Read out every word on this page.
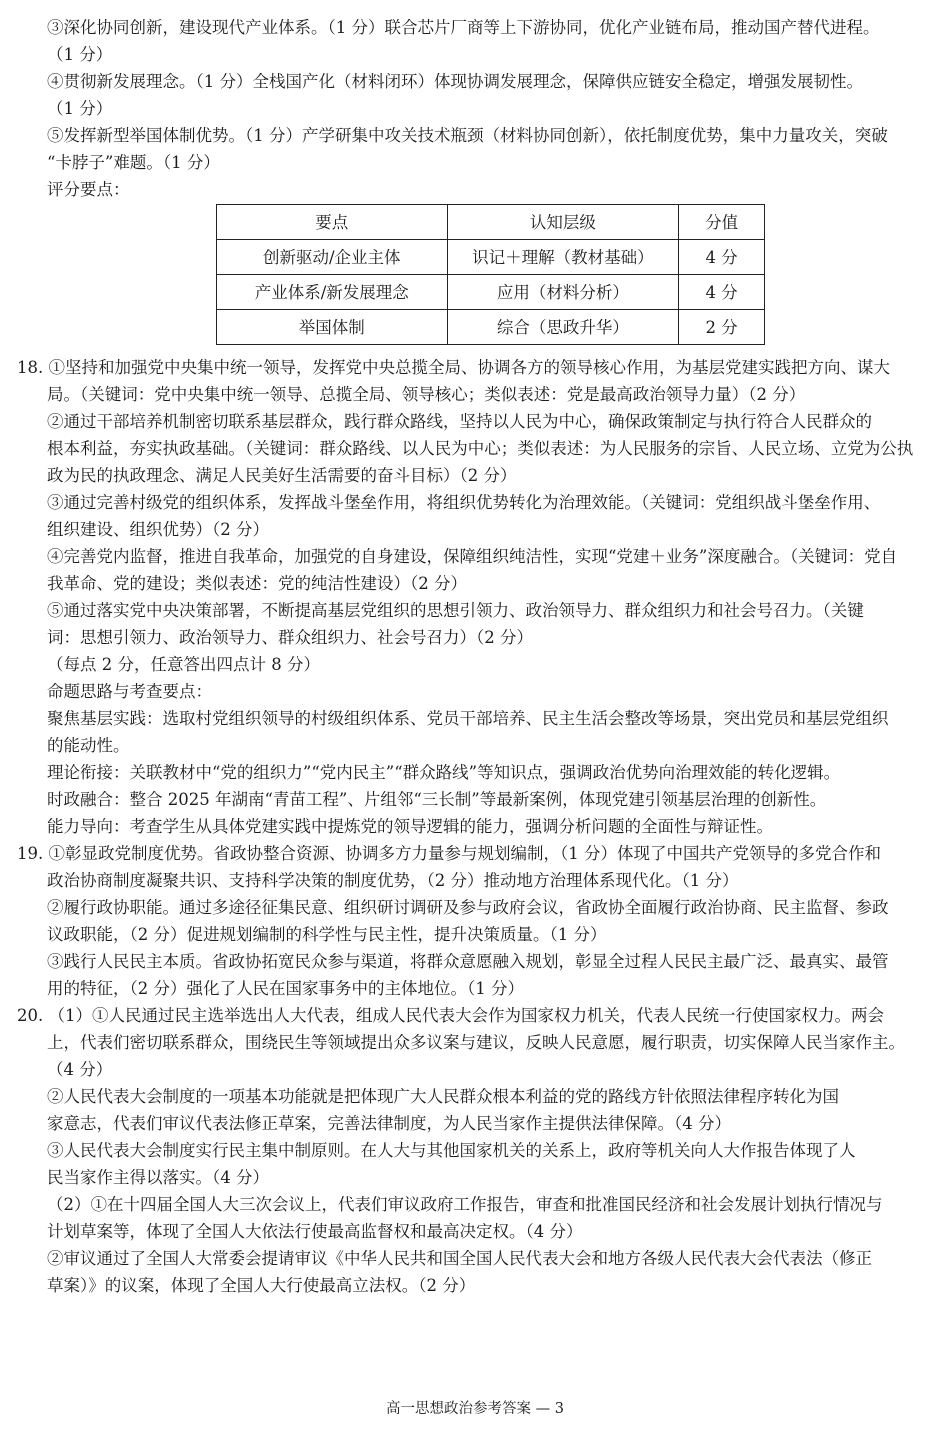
③深化协同创新，建设现代产业体系。（1 分）联合芯片厂商等上下游协同，优化产业链布局，推动国产替代进程。
（1 分）
④贯彻新发展理念。（1 分）全栈国产化（材料闭环）体现协调发展理念，保障供应链安全稳定，增强发展韧性。
（1 分）
⑤发挥新型举国体制优势。（1 分）产学研集中攻关技术瓶颈（材料协同创新），依托制度优势，集中力量攻关，突破
“卡脖子”难题。（1 分）
评分要点：
要点	认知层级	分值
创新驱动/企业主体	识记＋理解（教材基础）	4 分
产业体系/新发展理念	应用（材料分析）	4 分
举国体制	综合（思政升华）	2 分
18. ①坚持和加强党中央集中统一领导，发挥党中央总揽全局、协调各方的领导核心作用，为基层党建实践把方向、谋大
局。（关键词：党中央集中统一领导、总揽全局、领导核心；类似表述：党是最高政治领导力量）（2 分）
②通过干部培养机制密切联系基层群众，践行群众路线，坚持以人民为中心，确保政策制定与执行符合人民群众的
根本利益，夯实执政基础。（关键词：群众路线、以人民为中心；类似表述：为人民服务的宗旨、人民立场、立党为公执
政为民的执政理念、满足人民美好生活需要的奋斗目标）（2 分）
③通过完善村级党的组织体系，发挥战斗堡垒作用，将组织优势转化为治理效能。（关键词：党组织战斗堡垒作用、
组织建设、组织优势）（2 分）
④完善党内监督，推进自我革命，加强党的自身建设，保障组织纯洁性，实现“党建＋业务”深度融合。（关键词：党自
我革命、党的建设；类似表述：党的纯洁性建设）（2 分）
⑤通过落实党中央决策部署，不断提高基层党组织的思想引领力、政治领导力、群众组织力和社会号召力。（关键
词：思想引领力、政治领导力、群众组织力、社会号召力）（2 分）
（每点 2 分，任意答出四点计 8 分）
命题思路与考查要点：
聚焦基层实践：选取村党组织领导的村级组织体系、党员干部培养、民主生活会整改等场景，突出党员和基层党组织
的能动性。
理论衔接：关联教材中“党的组织力”“党内民主”“群众路线”等知识点，强调政治优势向治理效能的转化逻辑。
时政融合：整合 2025 年湖南“青苗工程”、片组邻“三长制”等最新案例，体现党建引领基层治理的创新性。
能力导向：考查学生从具体党建实践中提炼党的领导逻辑的能力，强调分析问题的全面性与辩证性。
19. ①彰显政党制度优势。省政协整合资源、协调多方力量参与规划编制，（1 分）体现了中国共产党领导的多党合作和
政治协商制度凝聚共识、支持科学决策的制度优势，（2 分）推动地方治理体系现代化。（1 分）
②履行政协职能。通过多途径征集民意、组织研讨调研及参与政府会议，省政协全面履行政治协商、民主监督、参政
议政职能，（2 分）促进规划编制的科学性与民主性，提升决策质量。（1 分）
③践行人民民主本质。省政协拓宽民众参与渠道，将群众意愿融入规划，彰显全过程人民民主最广泛、最真实、最管
用的特征，（2 分）强化了人民在国家事务中的主体地位。（1 分）
20. （1）①人民通过民主选举选出人大代表，组成人民代表大会作为国家权力机关，代表人民统一行使国家权力。两会
上，代表们密切联系群众，围绕民生等领域提出众多议案与建议，反映人民意愿，履行职责，切实保障人民当家作主。
（4 分）
②人民代表大会制度的一项基本功能就是把体现广大人民群众根本利益的党的路线方针依照法律程序转化为国
家意志，代表们审议代表法修正草案，完善法律制度，为人民当家作主提供法律保障。（4 分）
③人民代表大会制度实行民主集中制原则。在人大与其他国家机关的关系上，政府等机关向人大作报告体现了人
民当家作主得以落实。（4 分）
（2）①在十四届全国人大三次会议上，代表们审议政府工作报告，审查和批准国民经济和社会发展计划执行情况与
计划草案等，体现了全国人大依法行使最高监督权和最高决定权。（4 分）
②审议通过了全国人大常委会提请审议《中华人民共和国全国人民代表大会和地方各级人民代表大会代表法（修正
草案）》的议案，体现了全国人大行使最高立法权。（2 分）
高一思想政治参考答案 — 3
